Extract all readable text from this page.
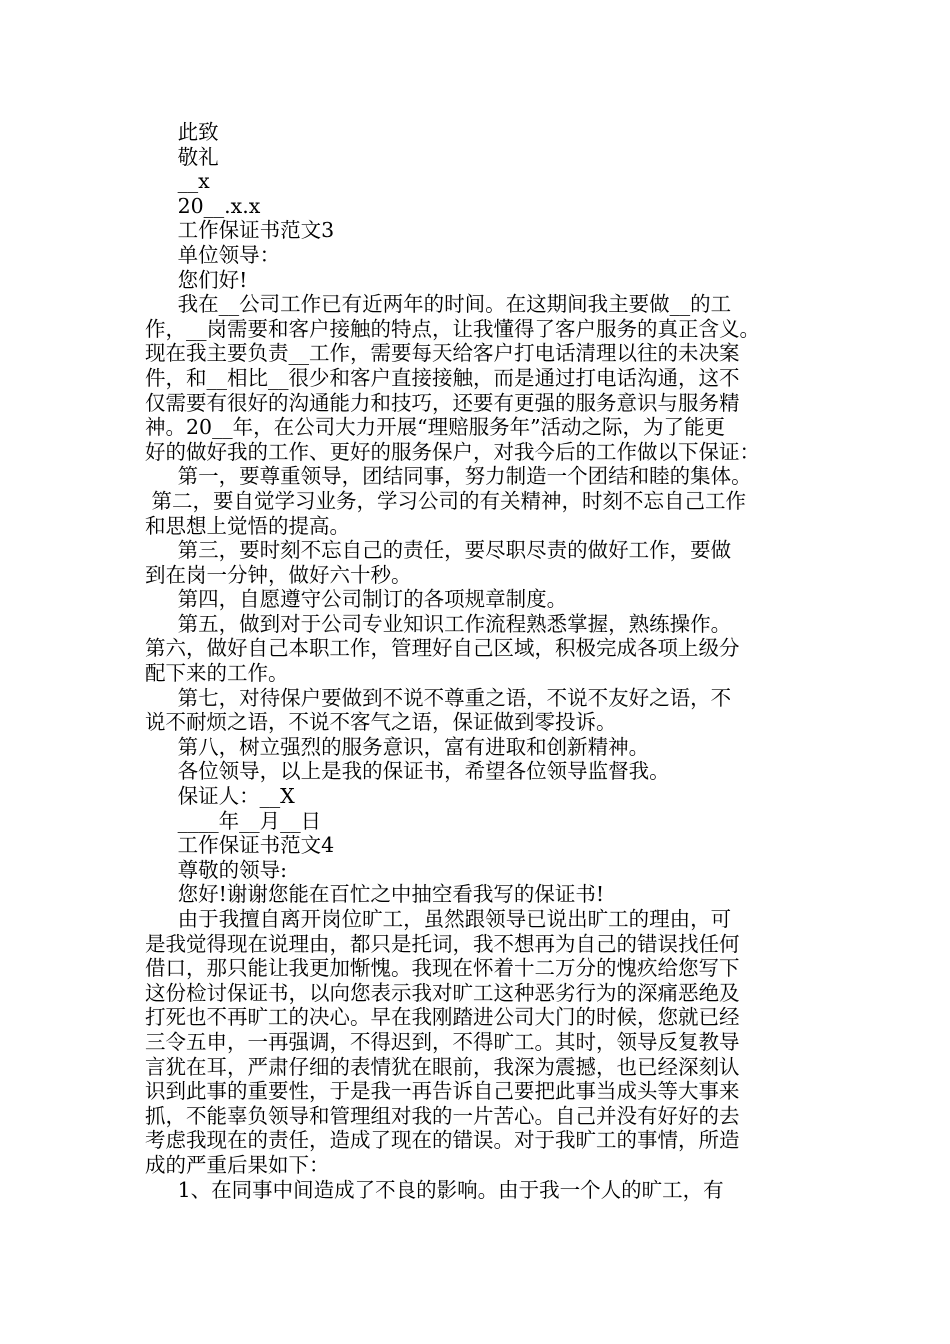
此致
敬礼
__x
20__.x.x
工作保证书范文3
单位领导：
您们好!
我在__公司工作已有近两年的时间。在这期间我主要做__的工
作，__岗需要和客户接触的特点，让我懂得了客户服务的真正含义。
现在我主要负责__工作，需要每天给客户打电话清理以往的未决案
件，和__相比__很少和客户直接接触，而是通过打电话沟通，这不
仅需要有很好的沟通能力和技巧，还要有更强的服务意识与服务精
神。20__年，在公司大力开展“理赔服务年”活动之际，为了能更
好的做好我的工作、更好的服务保户，对我今后的工作做以下保证：
第一，要尊重领导，团结同事，努力制造一个团结和睦的集体。
第二，要自觉学习业务，学习公司的有关精神，时刻不忘自己工作
和思想上觉悟的提高。
第三，要时刻不忘自己的责任，要尽职尽责的做好工作，要做
到在岗一分钟，做好六十秒。
第四，自愿遵守公司制订的各项规章制度。
第五，做到对于公司专业知识工作流程熟悉掌握，熟练操作。
第六，做好自己本职工作，管理好自己区域，积极完成各项上级分
配下来的工作。
第七，对待保户要做到不说不尊重之语，不说不友好之语，不
说不耐烦之语，不说不客气之语，保证做到零投诉。
第八，树立强烈的服务意识，富有进取和创新精神。
各位领导，以上是我的保证书，希望各位领导监督我。
保证人：__X
____年__月__日
工作保证书范文4
尊敬的领导:
您好!谢谢您能在百忙之中抽空看我写的保证书!
由于我擅自离开岗位旷工，虽然跟领导已说出旷工的理由，可
是我觉得现在说理由，都只是托词，我不想再为自己的错误找任何
借口，那只能让我更加惭愧。我现在怀着十二万分的愧疚给您写下
这份检讨保证书，以向您表示我对旷工这种恶劣行为的深痛恶绝及
打死也不再旷工的决心。早在我刚踏进公司大门的时候，您就已经
三令五申，一再强调，不得迟到，不得旷工。其时，领导反复教导
言犹在耳，严肃仔细的表情犹在眼前，我深为震撼，也已经深刻认
识到此事的重要性，于是我一再告诉自己要把此事当成头等大事来
抓，不能辜负领导和管理组对我的一片苦心。自己并没有好好的去
考虑我现在的责任，造成了现在的错误。对于我旷工的事情，所造
成的严重后果如下：
1、在同事中间造成了不良的影响。由于我一个人的旷工，有
